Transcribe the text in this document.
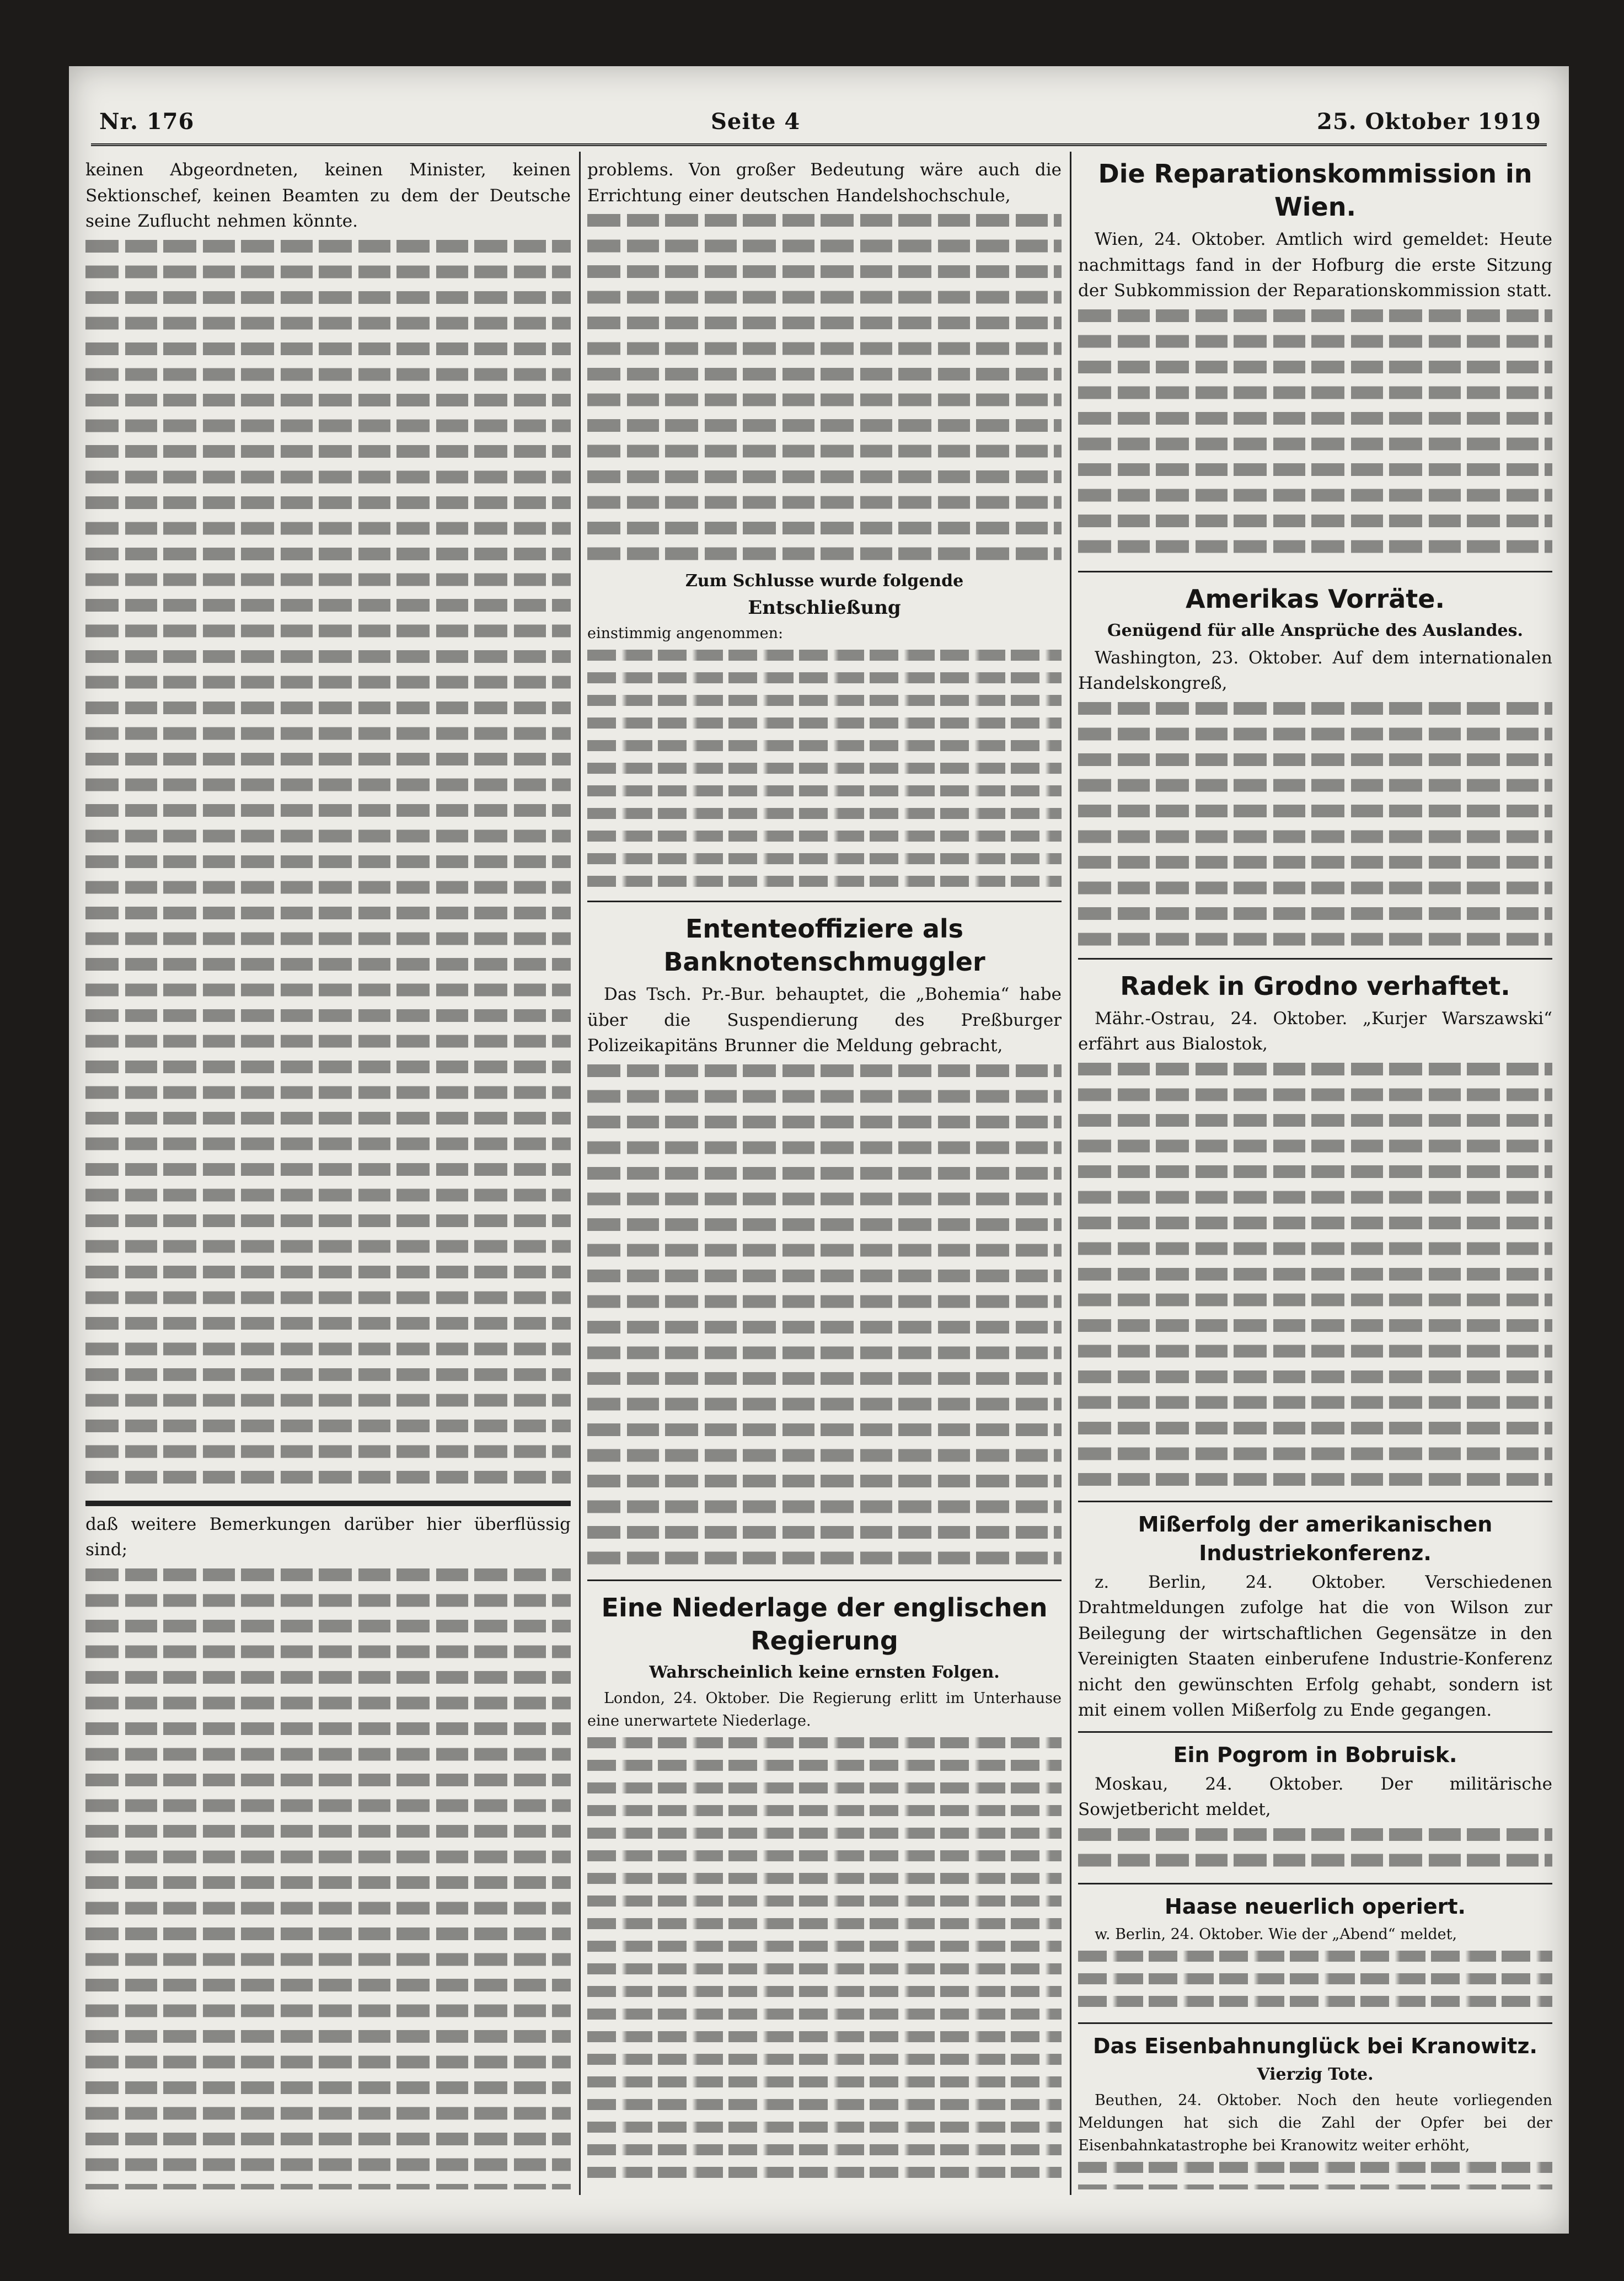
Nr. 176	Seite 4	25. Oktober 1919

keinen Abgeordneten, keinen Minister, keinen Sektionschef, keinen Beamten zu dem der Deutsche seine Zuflucht nehmen könnte.

daß weitere Bemerkungen darüber hier überflüssig sind;

problems. Von großer Bedeutung wäre auch die Errichtung einer deutschen Handelshochschule,

Zum Schlusse wurde folgende

Entschließung

einstimmig angenommen:

Ententeoffiziere als Banknotenschmuggler

Das Tsch. Pr.-Bur. behauptet, die „Bohemia“ habe über die Suspendierung des Preßburger Polizeikapitäns Brunner die Meldung gebracht,

Eine Niederlage der englischen Regierung

Wahrscheinlich keine ernsten Folgen.

London, 24. Oktober. Die Regierung erlitt im Unterhause eine unerwartete Niederlage.

Die Reparationskommission in Wien.

Wien, 24. Oktober. Amtlich wird gemeldet: Heute nachmittags fand in der Hofburg die erste Sitzung der Subkommission der Reparationskommission statt.

Amerikas Vorräte.

Genügend für alle Ansprüche des Auslandes.

Washington, 23. Oktober. Auf dem internationalen Handelskongreß,

Radek in Grodno verhaftet.

Mähr.-Ostrau, 24. Oktober. „Kurjer Warszawski“ erfährt aus Bialostok,

Mißerfolg der amerikanischen Industriekonferenz.

z. Berlin, 24. Oktober. Verschiedenen Drahtmeldungen zufolge hat die von Wilson zur Beilegung der wirtschaftlichen Gegensätze in den Vereinigten Staaten einberufene Industrie-Konferenz nicht den gewünschten Erfolg gehabt, sondern ist mit einem vollen Mißerfolg zu Ende gegangen.

Ein Pogrom in Bobruisk.

Moskau, 24. Oktober. Der militärische Sowjetbericht meldet,

Haase neuerlich operiert.

w. Berlin, 24. Oktober. Wie der „Abend“ meldet,

Das Eisenbahnunglück bei Kranowitz.

Vierzig Tote.

Beuthen, 24. Oktober. Noch den heute vorliegenden Meldungen hat sich die Zahl der Opfer bei der Eisenbahnkatastrophe bei Kranowitz weiter erhöht,
